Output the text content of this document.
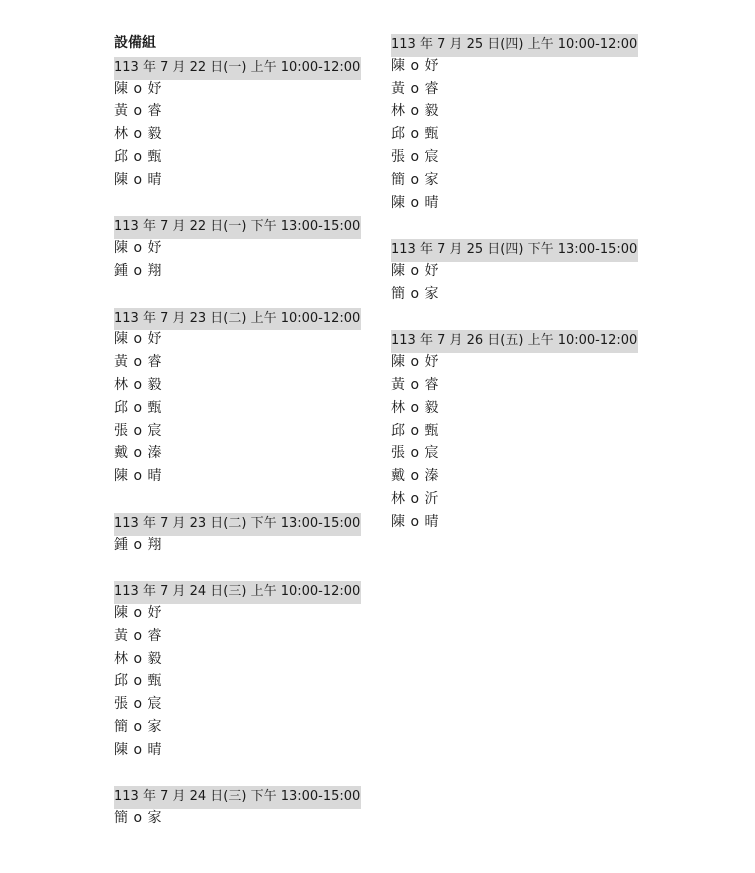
設備組
113 年 7 月 22 日(一) 上午 10:00-12:00
陳 o 妤
黃 o 睿
林 o 毅
邱 o 甄
陳 o 晴
113 年 7 月 22 日(一) 下午 13:00-15:00
陳 o 妤
鍾 o 翔
113 年 7 月 23 日(二) 上午 10:00-12:00
陳 o 妤
黃 o 睿
林 o 毅
邱 o 甄
張 o 宸
戴 o 溱
陳 o 晴
113 年 7 月 23 日(二) 下午 13:00-15:00
鍾 o 翔
113 年 7 月 24 日(三) 上午 10:00-12:00
陳 o 妤
黃 o 睿
林 o 毅
邱 o 甄
張 o 宸
簡 o 家
陳 o 晴
113 年 7 月 24 日(三) 下午 13:00-15:00
簡 o 家
113 年 7 月 25 日(四) 上午 10:00-12:00
陳 o 妤
黃 o 睿
林 o 毅
邱 o 甄
張 o 宸
簡 o 家
陳 o 晴
113 年 7 月 25 日(四) 下午 13:00-15:00
陳 o 妤
簡 o 家
113 年 7 月 26 日(五) 上午 10:00-12:00
陳 o 妤
黃 o 睿
林 o 毅
邱 o 甄
張 o 宸
戴 o 溱
林 o 沂
陳 o 晴
